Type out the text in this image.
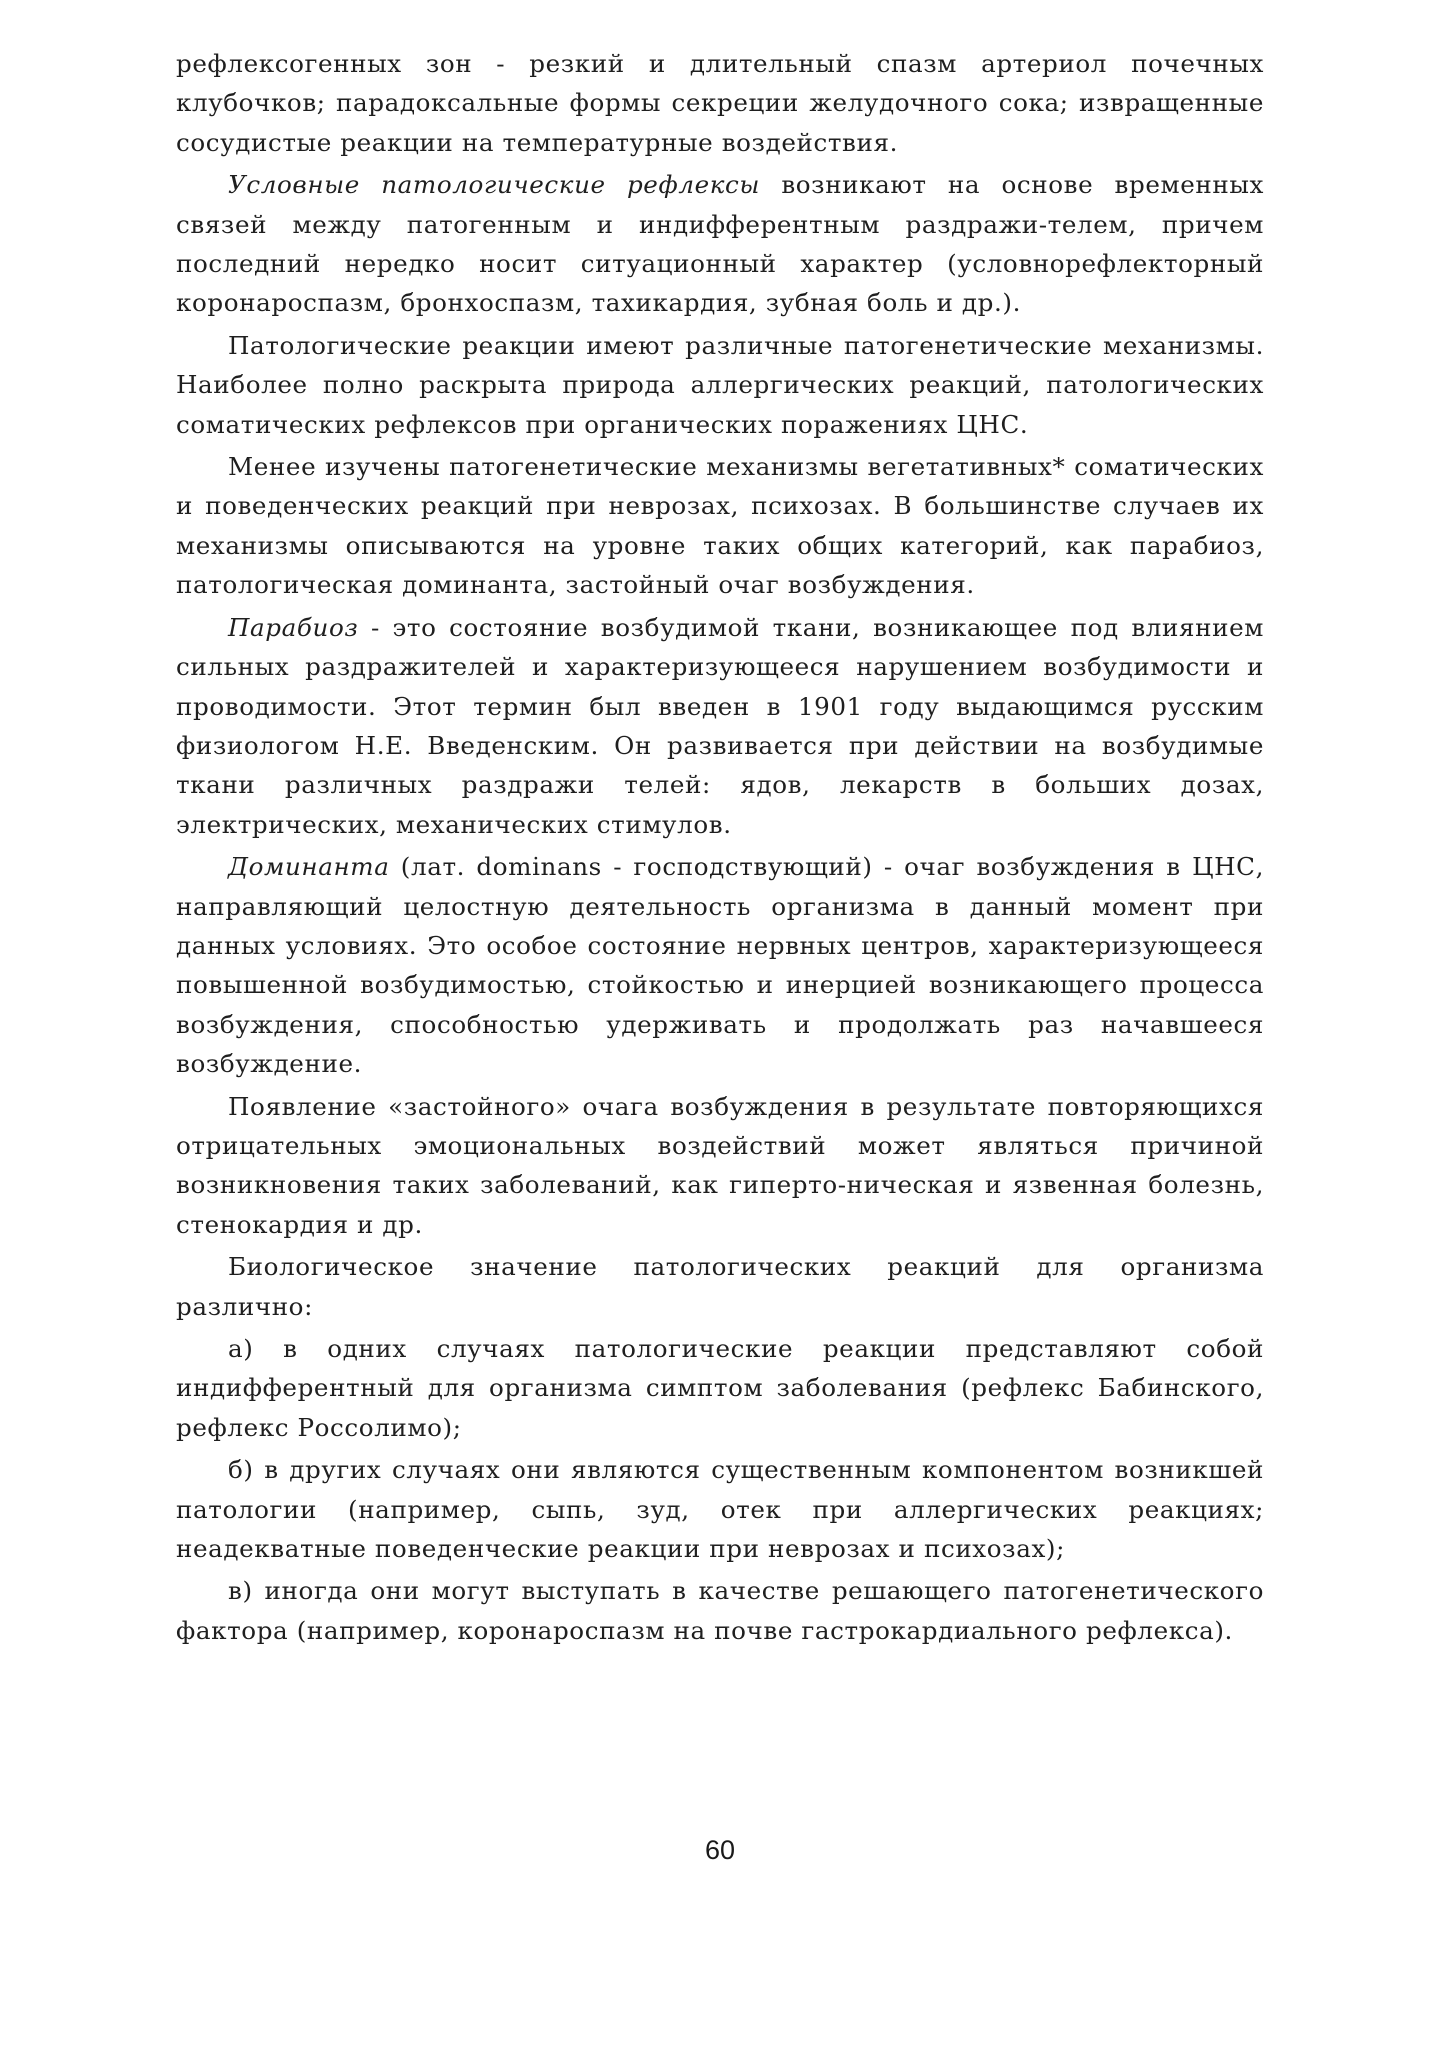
рефлексогенных зон - резкий и длительный спазм артериол почечных клубочков; парадоксальные формы секреции желудочного сока; извращенные сосудистые реакции на температурные воздействия.

Условные патологические рефлексы возникают на основе временных связей между патогенным и индифферентным раздражи-телем, причем последний нередко носит ситуационный характер (условнорефлекторный коронароспазм, бронхоспазм, тахикардия, зубная боль и др.).

Патологические реакции имеют различные патогенетические механизмы. Наиболее полно раскрыта природа аллергических реакций, патологических соматических рефлексов при органических поражениях ЦНС.

Менее изучены патогенетические механизмы вегетативных* соматических и поведенческих реакций при неврозах, психозах. В большинстве случаев их механизмы описываются на уровне таких общих категорий, как парабиоз, патологическая доминанта, застойный очаг возбуждения.

Парабиоз - это состояние возбудимой ткани, возникающее под влиянием сильных раздражителей и характеризующееся нарушением возбудимости и проводимости. Этот термин был введен в 1901 году выдающимся русским физиологом Н.Е. Введенским. Он развивается при действии на возбудимые ткани различных раздражи телей: ядов, лекарств в больших дозах, электрических, механических стимулов.

Доминанта (лат. dominans - господствующий) - очаг возбуждения в ЦНС, направляющий целостную деятельность организма в данный момент при данных условиях. Это особое состояние нервных центров, характеризующееся повышенной возбудимостью, стойкостью и инерцией возникающего процесса возбуждения, способностью удерживать и продолжать раз начавшееся возбуждение.

Появление «застойного» очага возбуждения в результате повторяющихся отрицательных эмоциональных воздействий может являться причиной возникновения таких заболеваний, как гиперто-ническая и язвенная болезнь, стенокардия и др.

Биологическое значение патологических реакций для организма различно:

а) в одних случаях патологические реакции представляют собой индифферентный для организма симптом заболевания (рефлекс Бабинского, рефлекс Россолимо);

б) в других случаях они являются существенным компонентом возникшей патологии (например, сыпь, зуд, отек при аллергических реакциях; неадекватные поведенческие реакции при неврозах и психозах);

в) иногда они могут выступать в качестве решающего патогенетического фактора (например, коронароспазм на почве гастрокардиального рефлекса).

60
